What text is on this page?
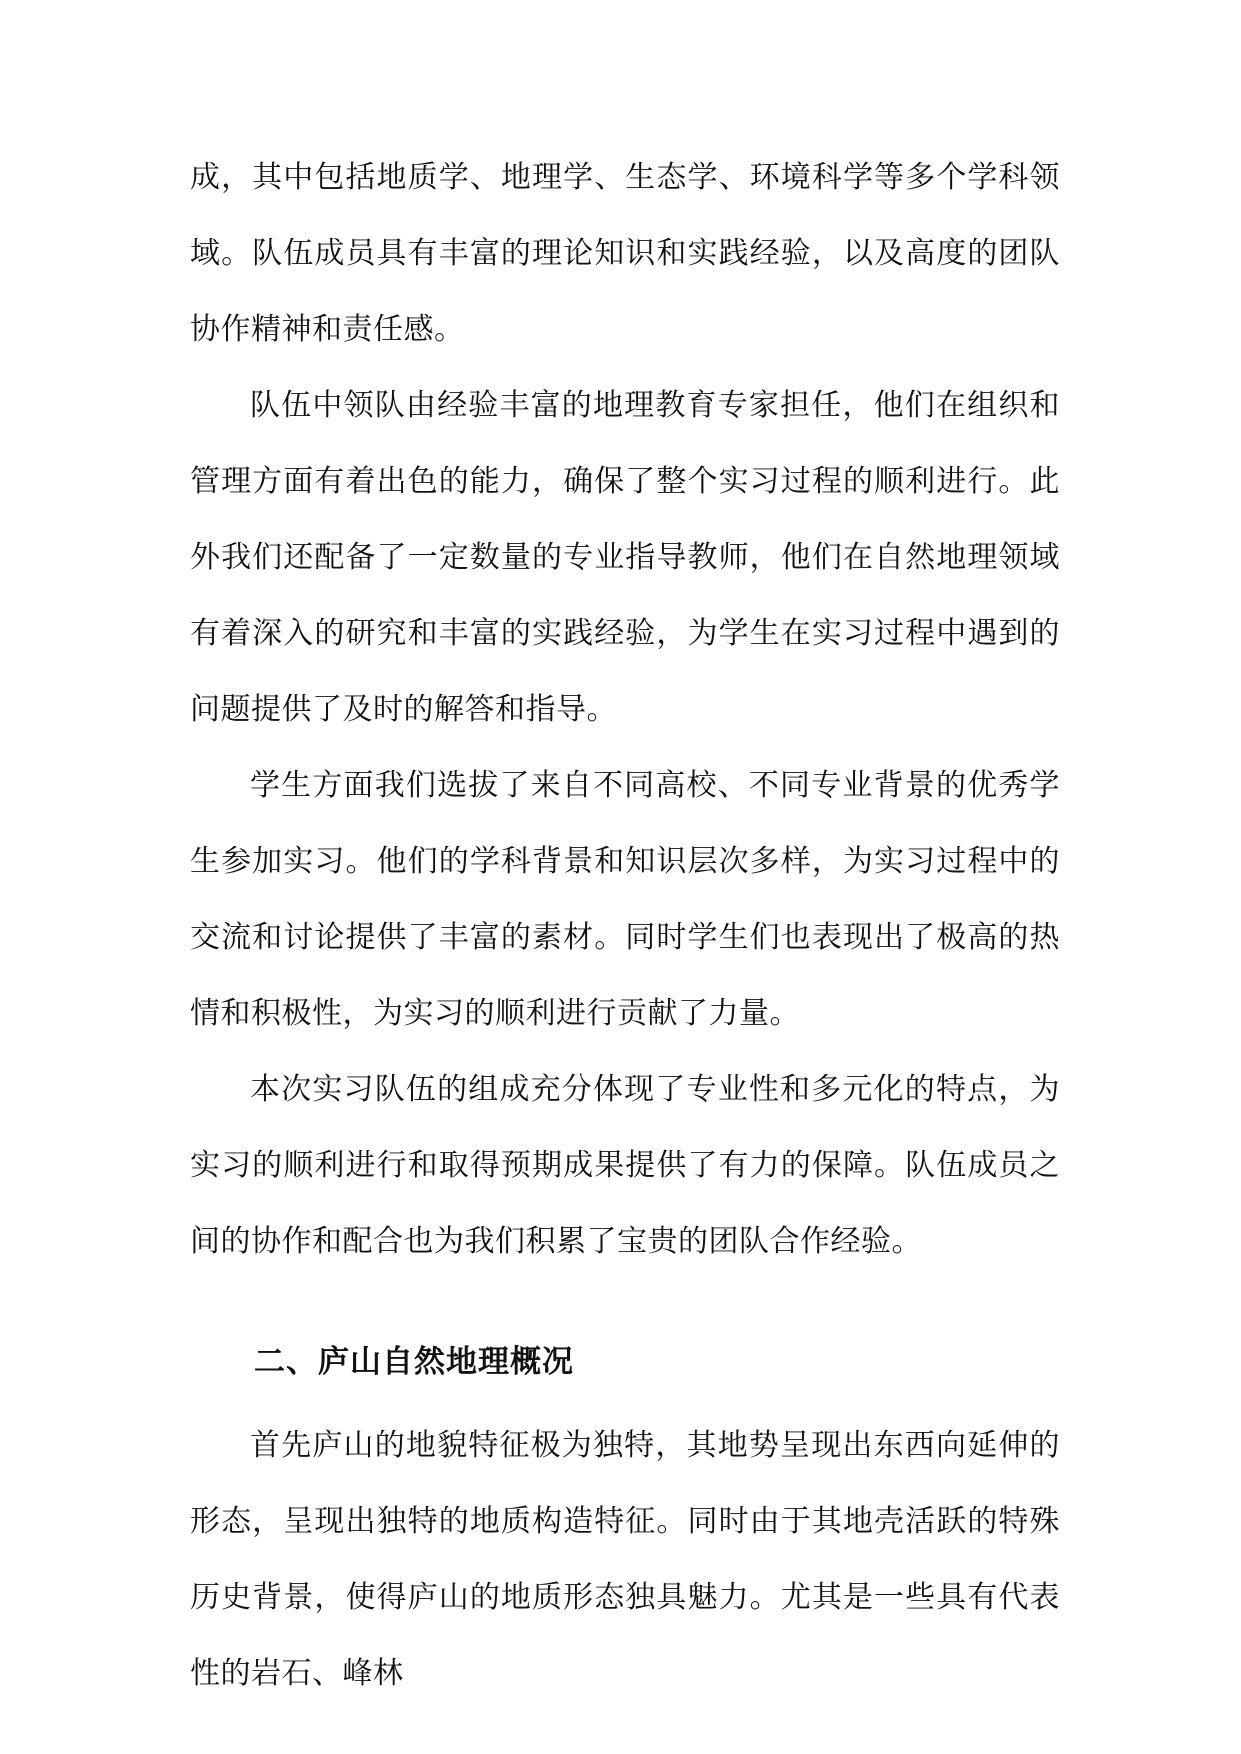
成，其中包括地质学、地理学、生态学、环境科学等多个学科领域。队伍成员具有丰富的理论知识和实践经验，以及高度的团队协作精神和责任感。

队伍中领队由经验丰富的地理教育专家担任，他们在组织和管理方面有着出色的能力，确保了整个实习过程的顺利进行。此外我们还配备了一定数量的专业指导教师，他们在自然地理领域有着深入的研究和丰富的实践经验，为学生在实习过程中遇到的问题提供了及时的解答和指导。

学生方面我们选拔了来自不同高校、不同专业背景的优秀学生参加实习。他们的学科背景和知识层次多样，为实习过程中的交流和讨论提供了丰富的素材。同时学生们也表现出了极高的热情和积极性，为实习的顺利进行贡献了力量。

本次实习队伍的组成充分体现了专业性和多元化的特点，为实习的顺利进行和取得预期成果提供了有力的保障。队伍成员之间的协作和配合也为我们积累了宝贵的团队合作经验。

二、庐山自然地理概况

首先庐山的地貌特征极为独特，其地势呈现出东西向延伸的形态，呈现出独特的地质构造特征。同时由于其地壳活跃的特殊历史背景，使得庐山的地质形态独具魅力。尤其是一些具有代表性的岩石、峰林
